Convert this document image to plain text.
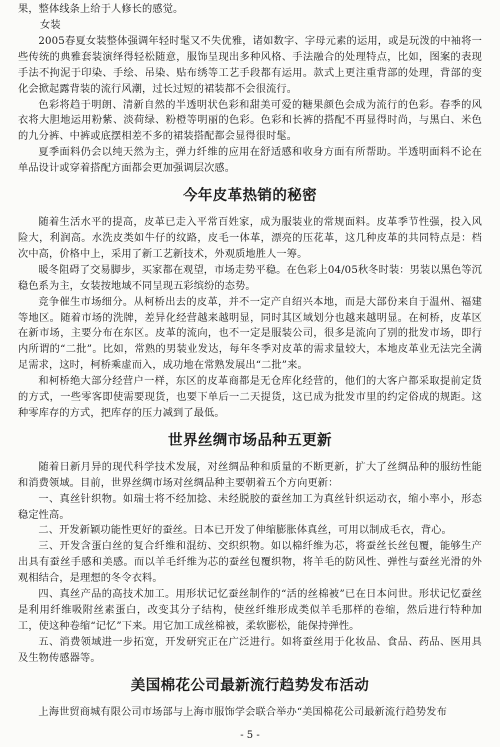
果，整体线条上给于人修长的感觉。

女装

2005春夏女装整体强调年轻时髦又不失优雅，诸如数字、字母元素的运用，或是玩泼的中袖将一些传统的典雅套装演绎得轻松随意，服饰呈现出多种风格、手法融合的处理特点，比如，图案的表现手法不拘泥于印染、手绘、吊染、贴布绣等工艺手段都有运用。款式上更注重背部的处理，背部的变化会掀起露背装的流行风潮，过长过短的裙装都不会很流行。

色彩将趋于明朗、清新自然的半透明状色彩和甜美可爱的糖果颜色会成为流行的色彩。春季的风衣将大胆地运用粉紫、淡荷绿、粉橙等明丽的色彩。色彩和长裤的搭配不再显得时尚，与黑白、米色的九分裤、中裤或底摆相差不多的裙装搭配都会显得很时髦。

夏季面料仍会以纯天然为主，弹力纤维的应用在舒适感和收身方面有所帮助。半透明面料不论在单品设计或穿着搭配方面都会更加强调层次感。

今年皮革热销的秘密

随着生活水平的提高，皮革已走入平常百姓家，成为服装业的常规面料。皮革季节性强，投入风险大，利润高。水洗皮类如牛仔的纹路，皮毛一体革，漂亮的压花革，这几种皮革的共同特点是：档次中高，价格中上，采用了新工艺新技术，外观质地胜人一筹。

暖冬阻碍了交易脚步，买家都在观望，市场走势平稳。在色彩上04/05秋冬时装：男装以黑色等沉稳色系为主，女装按地域不同呈现五彩缤纷的态势。

竞争催生市场细分。从柯桥出去的皮革，并不一定产自绍兴本地，而是大部份来自于温州、福建等地区。随着市场的洗牌，差异化经营越来越明显，同时其区域划分也越来越明显。在柯桥，皮革区在新市场，主要分布在东区。皮革的流向，也不一定是服装公司，很多是流向了别的批发市场，即行内所谓的“二批”。比如，常熟的男装业发达，每年冬季对皮革的需求量较大，本地皮革业无法完全满足需求，这时，柯桥乘虚而入，成功地在常熟发展出“二批”来。

和柯桥绝大部分经营户一样，东区的皮革商都是无仓库化经营的，他们的大客户都采取提前定货的方式，一些零客即使需要现货，也要下单后一二天提货，这已成为批发市里的约定俗成的规距。这种零库存的方式，把库存的压力减到了最低。

世界丝绸市场品种五更新

随着日新月异的现代科学技术发展，对丝绸品种和质量的不断更新，扩大了丝绸品种的服纺性能和消费领域。目前，世界丝绸市场对丝绸品种主要朝着五个方向更新：

一、真丝针织物。如瑞士将不经加捻、未经脱胶的蚕丝加工为真丝针织运动衣，缩小率小，形态稳定性高。

二、开发新颖功能性更好的蚕丝。日本已开发了伸缩膨胀体真丝，可用以制成毛衣，背心。

三、开发含蛋白丝的复合纤维和混纺、交织织物。如以棉纤维为芯，将蚕丝长丝包覆，能够生产出具有蚕丝手感和美感。而以羊毛纤维为芯的蚕丝包覆织物，将羊毛的防风性、弹性与蚕丝光滑的外观相结合，是理想的冬令衣料。

四、真丝产品的高技术加工。用形状记忆蚕丝制作的“活的丝棉被”已在日本问世。形状记忆蚕丝是利用纤维吸附丝素蛋白，改变其分子结构，使丝纤维形成类似羊毛那样的卷缩，然后进行特种加工，使这种卷缩“记忆”下来。用它加工成丝棉被，柔软膨松，能保持弹性。

五、消费领域进一步拓宽，开发研究正在广泛进行。如将蚕丝用于化妆品、食品、药品、医用具及生物传感器等。

美国棉花公司最新流行趋势发布活动

上海世贸商城有限公司市场部与上海市服饰学会联合举办“美国棉花公司最新流行趋势发布

- 5 -
